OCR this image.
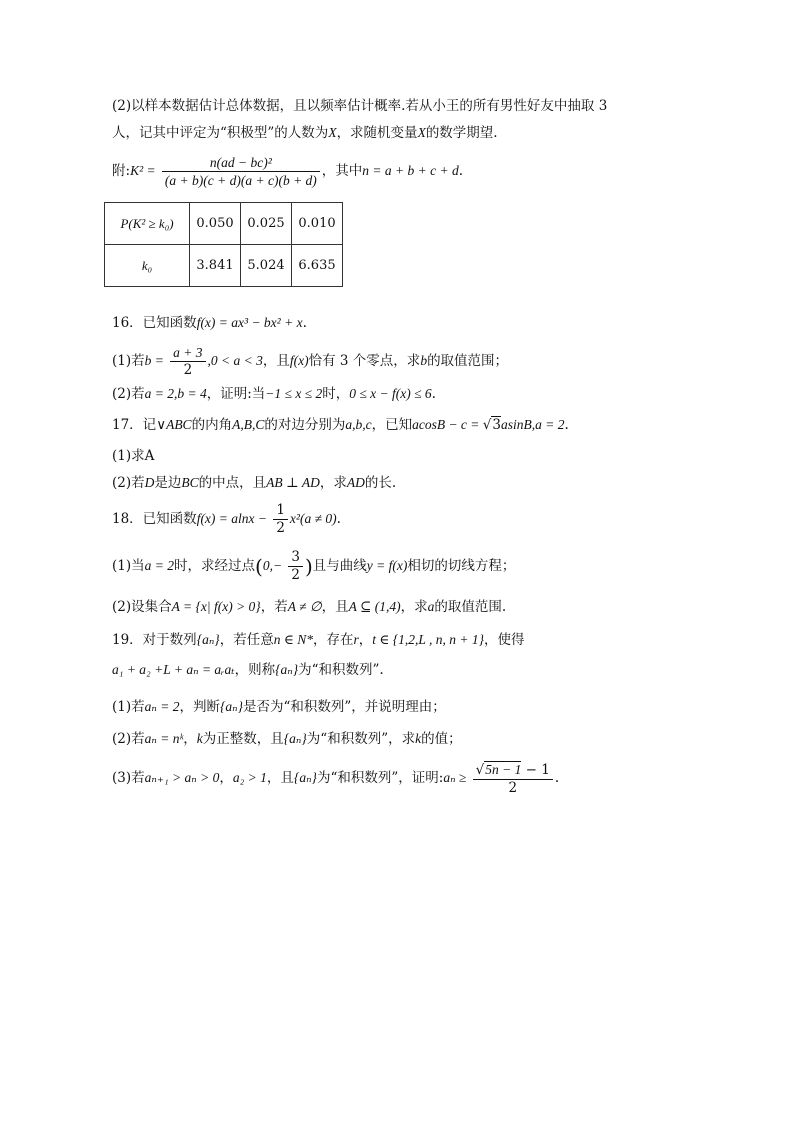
(2)以样本数据估计总体数据，且以频率估计概率.若从小王的所有男性好友中抽取 3
人，记其中评定为“积极型”的人数为X，求随机变量X的数学期望.
附:K² = $\frac{\text{n(ad − bc)²}}{(a + b)(c + d)(a + c)(b + d)}$ ，其中n = a + b + c + d.
P(K² ≥ k₀)	0.050	0.025	0.010
k₀	3.841	5.024	6.635
16．已知函数f(x) = ax³ − bx² + x.
(1)若$b = \frac{a + 3}{2} ,0 < a < 3$，且f(x)恰有 3 个零点，求b的取值范围；
(2)若a = 2,b = 4，证明:当−1 ≤ x ≤ 2时，0 ≤ x − f(x) ≤ 6.
17．记∨ABC的内角A,B,C的对边分别为a,b,c，已知acosB − c = √3asinB,a = 2.
(1)求A
(2)若D是边BC的中点，且AB ⊥ AD，求AD的长.
18．已知函数$f(x) = alnx - \frac{1}{2} x^2(a \ne 0)$.
(1)当a = 2时，求经过点($0,- \frac{3}{2}$ )且与曲线y = f(x)相切的切线方程；
(2)设集合A = {x| f(x) > 0}，若A ≠ ∅，且A ⊆ (1,4)，求a的取值范围.
19．对于数列{aₙ}，若任意n ∈ N*，存在r，t ∈ {1,2,L , n, n + 1}，使得
a₁ + a₂ +L + aₙ = aᵣaₜ，则称{aₙ}为“和积数列”.
(1)若aₙ = 2，判断{aₙ}是否为“和积数列”，并说明理由；
(2)若aₙ = nᵏ，k为正整数，且{aₙ}为“和积数列”，求k的值；
(3)若aₙ₊₁ > aₙ > 0，a₂ > 1，且{aₙ}为“和积数列”，证明:aₙ ≥ $\frac{√5n - 1 - 1}{2}$ .
